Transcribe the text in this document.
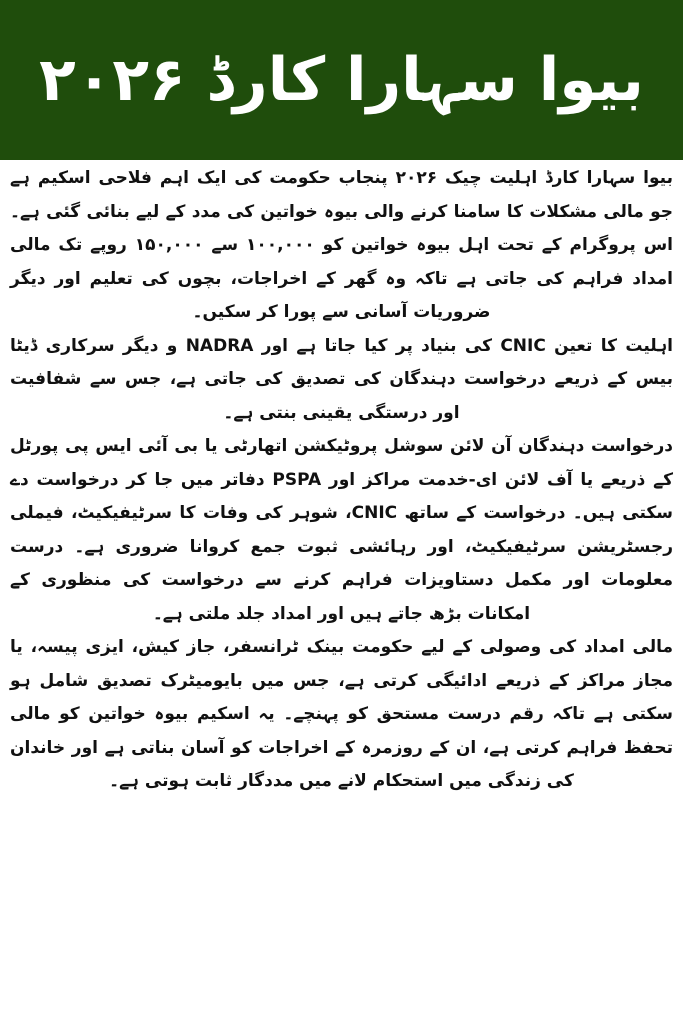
بیوا سہارا کارڈ ۲۰۲۶

بیوا سہارا کارڈ اہلیت چیک ۲۰۲۶ پنجاب حکومت کی ایک اہم فلاحی اسکیم ہے جو مالی مشکلات کا سامنا کرنے والی بیوہ خواتین کی مدد کے لیے بنائی گئی ہے۔ اس پروگرام کے تحت اہل بیوہ خواتین کو ۱۰۰,۰۰۰ سے ۱۵۰,۰۰۰ روپے تک مالی امداد فراہم کی جاتی ہے تاکہ وہ گھر کے اخراجات، بچوں کی تعلیم اور دیگر ضروریات آسانی سے پورا کر سکیں۔

اہلیت کا تعین CNIC کی بنیاد پر کیا جاتا ہے اور NADRA و دیگر سرکاری ڈیٹا بیس کے ذریعے درخواست دہندگان کی تصدیق کی جاتی ہے، جس سے شفافیت اور درستگی یقینی بنتی ہے۔

درخواست دہندگان آن لائن سوشل پروٹیکشن اتھارٹی یا بی آئی ایس پی پورٹل کے ذریعے یا آف لائن ای-خدمت مراکز اور PSPA دفاتر میں جا کر درخواست دے سکتی ہیں۔ درخواست کے ساتھ CNIC، شوہر کی وفات کا سرٹیفیکیٹ، فیملی رجسٹریشن سرٹیفیکیٹ، اور رہائشی ثبوت جمع کروانا ضروری ہے۔ درست معلومات اور مکمل دستاویزات فراہم کرنے سے درخواست کی منظوری کے امکانات بڑھ جاتے ہیں اور امداد جلد ملتی ہے۔

مالی امداد کی وصولی کے لیے حکومت بینک ٹرانسفر، جاز کیش، ایزی پیسہ، یا مجاز مراکز کے ذریعے ادائیگی کرتی ہے، جس میں بایومیٹرک تصدیق شامل ہو سکتی ہے تاکہ رقم درست مستحق کو پہنچے۔ یہ اسکیم بیوہ خواتین کو مالی تحفظ فراہم کرتی ہے، ان کے روزمرہ کے اخراجات کو آسان بناتی ہے اور خاندان کی زندگی میں استحکام لانے میں مددگار ثابت ہوتی ہے۔
